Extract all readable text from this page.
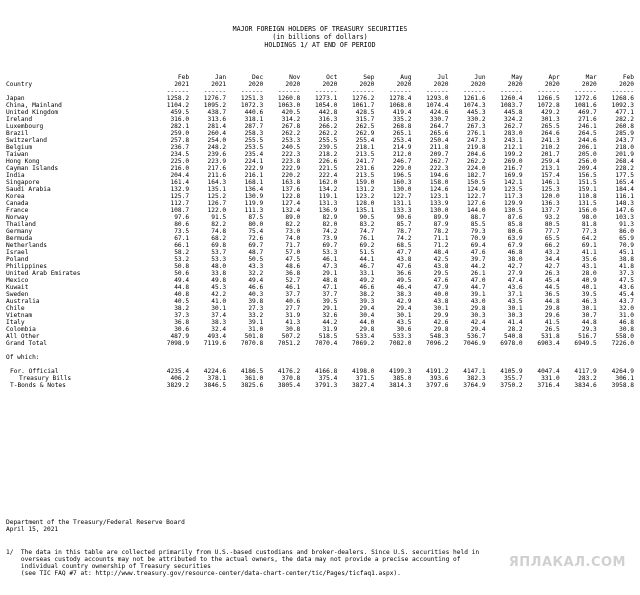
MAJOR FOREIGN HOLDERS OF TREASURY SECURITIES
(in billions of dollars)
HOLDINGS 1/ AT END OF PERIOD
	Feb	Jan	Dec	Nov	Oct	Sep	Aug	Jul	Jun	May	Apr	Mar	Feb
Country	2021	2021	2020	2020	2020	2020	2020	2020	2020	2020	2020	2020	2020
	------	------	------	------	------	------	------	------	------	------	------	------	------
Japan	1258.2	1276.7	1251.3	1260.8	1273.1	1276.2	1278.4	1293.0	1261.6	1260.4	1266.5	1272.6	1268.6
China, Mainland	1104.2	1095.2	1072.3	1063.0	1054.0	1061.7	1068.0	1074.4	1074.3	1083.7	1072.8	1081.6	1092.3
United Kingdom	459.5	438.7	440.6	420.5	442.8	428.5	419.4	424.6	445.3	445.8	429.2	469.7	477.1
Ireland	316.0	313.6	318.1	314.2	316.3	315.7	335.2	330.7	330.2	324.2	301.3	271.6	282.2
Luxembourg	282.1	281.4	287.7	267.8	266.2	262.5	268.8	264.7	267.3	262.7	265.5	246.1	260.8
Brazil	259.0	260.4	258.3	262.2	262.2	262.9	265.1	265.6	276.1	283.0	264.6	264.5	285.9
Switzerland	257.8	254.0	255.5	253.3	255.5	255.4	253.4	250.4	247.3	243.1	241.3	244.6	243.7
Belgium	236.7	248.2	253.5	240.5	239.5	218.1	214.9	211.8	219.8	212.1	210.2	206.1	218.0
Taiwan	234.5	239.6	235.4	222.3	218.2	213.5	212.0	209.7	204.6	199.2	201.7	205.0	201.9
Hong Kong	225.0	223.9	224.1	223.8	226.6	241.7	246.7	262.7	262.2	269.0	259.4	256.0	268.4
Cayman Islands	216.0	217.6	222.9	222.9	221.5	231.6	229.0	222.3	224.0	216.7	213.1	209.4	228.2
India	204.4	211.6	216.1	220.2	222.4	213.5	196.5	194.6	182.7	169.9	157.4	156.5	177.5
Singapore	161.4	164.3	168.1	163.8	162.0	159.0	160.3	158.0	150.5	142.1	146.1	151.5	165.4
Saudi Arabia	132.9	135.1	136.4	137.6	134.2	131.2	130.0	124.6	124.9	123.5	125.3	159.1	184.4
Korea	125.7	125.2	130.9	122.8	119.1	123.2	122.7	123.1	122.7	117.3	120.0	110.8	116.1
Canada	112.7	126.7	119.9	127.4	131.3	128.0	131.1	133.9	127.6	129.9	136.3	131.5	148.3
France	108.7	122.0	111.3	132.4	136.9	135.1	133.3	130.0	144.0	130.5	137.7	156.0	147.6
Norway	97.6	91.5	87.5	89.0	82.9	90.5	90.6	89.9	88.7	87.6	93.2	98.0	103.3
Thailand	80.6	82.2	80.0	82.2	82.0	83.2	85.7	87.9	85.5	85.8	80.5	81.8	91.3
Germany	73.5	74.8	75.4	73.0	74.2	74.7	78.7	78.2	79.3	80.6	77.7	77.3	86.0
Bermuda	67.1	68.2	72.6	74.0	73.9	76.1	74.2	71.1	70.9	63.9	65.5	64.2	65.9
Netherlands	66.1	69.8	69.7	71.7	69.7	69.2	68.5	71.2	69.4	67.9	66.2	69.1	70.9
Israel	58.2	53.7	48.7	57.0	53.3	51.5	47.7	48.4	47.6	46.8	43.2	41.1	45.1
Poland	53.2	53.3	50.5	47.5	46.1	44.1	43.8	42.5	39.7	38.0	34.4	35.6	38.8
Philippines	50.8	48.0	43.3	48.6	47.3	46.7	47.6	43.8	44.2	42.7	42.7	43.1	41.8
United Arab Emirates	50.6	33.8	32.2	36.8	29.1	33.1	36.6	29.5	26.1	27.9	26.3	28.0	37.3
Mexico	49.4	49.8	49.4	52.7	48.8	49.2	49.5	47.6	47.0	47.4	45.4	40.9	47.5
Kuwait	44.8	45.3	46.6	46.1	47.1	46.6	46.4	47.9	44.7	43.6	44.5	40.1	43.6
Sweden	40.8	42.2	40.3	37.7	37.7	38.2	38.3	40.0	39.1	37.1	36.5	39.5	45.4
Australia	40.5	41.0	39.8	40.6	39.5	39.3	42.9	43.8	43.0	43.5	44.8	46.3	43.7
Chile	38.2	30.1	27.3	27.7	29.1	29.4	29.4	30.1	29.8	30.1	29.8	30.1	32.0
Vietnam	37.3	37.4	33.2	31.9	32.6	30.4	30.1	29.9	30.3	30.3	29.6	30.7	31.0
Italy	36.8	38.3	39.1	41.3	44.2	44.0	43.5	42.6	42.4	41.4	41.5	44.8	46.8
Colombia	30.6	32.4	31.0	30.8	31.9	29.8	30.6	29.8	29.4	28.2	26.5	29.3	30.8
All Other	487.9	493.4	501.8	507.2	518.5	533.4	533.3	548.3	536.7	540.8	531.8	516.7	558.0
Grand Total	7098.9	7119.6	7070.8	7051.2	7070.4	7069.2	7082.0	7096.2	7046.9	6978.0	6903.4	6949.5	7226.0

Of which:													

For. Official	4235.4	4224.6	4186.5	4176.2	4166.8	4198.0	4199.3	4191.2	4147.1	4105.9	4047.4	4117.9	4264.9
Treasury Bills	406.2	378.1	361.0	370.8	375.4	371.5	385.0	393.6	382.3	355.7	331.0	283.2	306.1
T-Bonds & Notes	3829.2	3846.5	3825.6	3805.4	3791.3	3827.4	3814.3	3797.6	3764.9	3750.2	3716.4	3834.6	3958.8
Department of the Treasury/Federal Reserve Board
April 15, 2021
1/  The data in this table are collected primarily from U.S.-based custodians and broker-dealers. Since U.S. securities held in
overseas custody accounts may not be attributed to the actual owners, the data may not provide a precise accounting of
individual country ownership of Treasury securities
(see TIC FAQ #7 at: http://www.treasury.gov/resource-center/data-chart-center/tic/Pages/ticfaq1.aspx).
ЯПЛАКАЛ.COM
